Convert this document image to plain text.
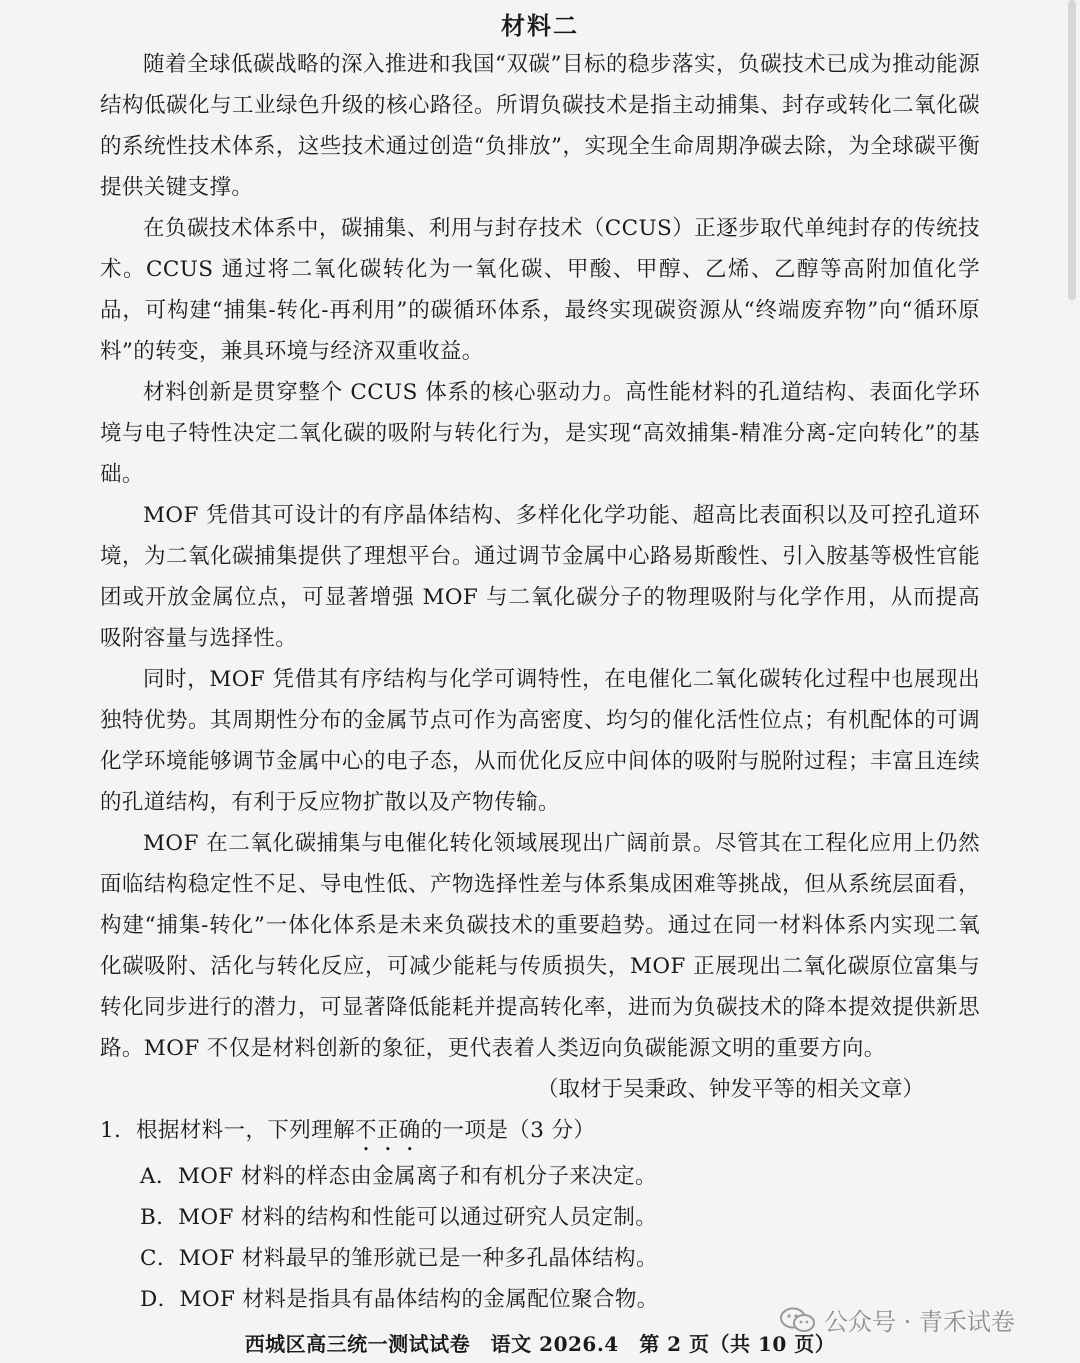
材料二

随着全球低碳战略的深入推进和我国“双碳”目标的稳步落实，负碳技术已成为推动能源结构低碳化与工业绿色升级的核心路径。所谓负碳技术是指主动捕集、封存或转化二氧化碳的系统性技术体系，这些技术通过创造“负排放”，实现全生命周期净碳去除，为全球碳平衡提供关键支撑。

在负碳技术体系中，碳捕集、利用与封存技术（CCUS）正逐步取代单纯封存的传统技术。CCUS 通过将二氧化碳转化为一氧化碳、甲酸、甲醇、乙烯、乙醇等高附加值化学品，可构建“捕集-转化-再利用”的碳循环体系，最终实现碳资源从“终端废弃物”向“循环原料”的转变，兼具环境与经济双重收益。

材料创新是贯穿整个 CCUS 体系的核心驱动力。高性能材料的孔道结构、表面化学环境与电子特性决定二氧化碳的吸附与转化行为，是实现“高效捕集-精准分离-定向转化”的基础。

MOF 凭借其可设计的有序晶体结构、多样化化学功能、超高比表面积以及可控孔道环境，为二氧化碳捕集提供了理想平台。通过调节金属中心路易斯酸性、引入胺基等极性官能团或开放金属位点，可显著增强 MOF 与二氧化碳分子的物理吸附与化学作用，从而提高吸附容量与选择性。

同时，MOF 凭借其有序结构与化学可调特性，在电催化二氧化碳转化过程中也展现出独特优势。其周期性分布的金属节点可作为高密度、均匀的催化活性位点；有机配体的可调化学环境能够调节金属中心的电子态，从而优化反应中间体的吸附与脱附过程；丰富且连续的孔道结构，有利于反应物扩散以及产物传输。

MOF 在二氧化碳捕集与电催化转化领域展现出广阔前景。尽管其在工程化应用上仍然面临结构稳定性不足、导电性低、产物选择性差与体系集成困难等挑战，但从系统层面看，构建“捕集-转化”一体化体系是未来负碳技术的重要趋势。通过在同一材料体系内实现二氧化碳吸附、活化与转化反应，可减少能耗与传质损失，MOF 正展现出二氧化碳原位富集与转化同步进行的潜力，可显著降低能耗并提高转化率，进而为负碳技术的降本提效提供新思路。MOF 不仅是材料创新的象征，更代表着人类迈向负碳能源文明的重要方向。

（取材于吴秉政、钟发平等的相关文章）

1．根据材料一，下列理解不正确的一项是（3 分）

A．MOF 材料的样态由金属离子和有机分子来决定。

B．MOF 材料的结构和性能可以通过研究人员定制。

C．MOF 材料最早的雏形就已是一种多孔晶体结构。

D．MOF 材料是指具有晶体结构的金属配位聚合物。

公众号 · 青禾试卷
西城区高三统一测试试卷　语文 2026.4　第 2 页（共 10 页）
